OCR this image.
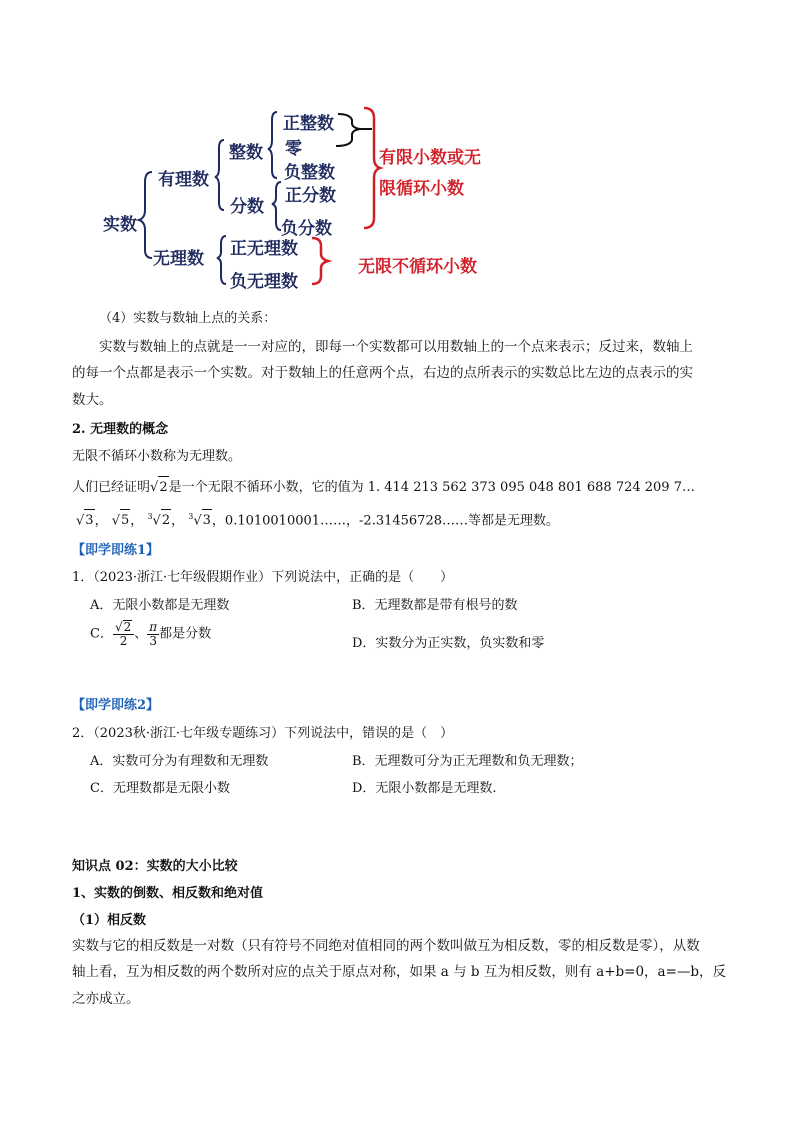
实数
有理数
整数
正整数
零
负整数
分数
正分数
负分数
无理数 正无理数
负无理数
有限小数或无
限循环小数
无限不循环小数
（4）实数与数轴上点的关系：
实数与数轴上的点就是一一对应的，即每一个实数都可以用数轴上的一个点来表示；反过来，数轴上
的每一个点都是表示一个实数。对于数轴上的任意两个点，右边的点所表示的实数总比左边的点表示的实
数大。
2. 无理数的概念
无限不循环小数称为无理数。
人们已经证明√2是一个无限不循环小数，它的值为 1. 414 213 562 373 095 048 801 688 724 209 7…
√3， √5， $^3$√2， $^3$√3，0.1010010001……，-2.31456728……等都是无理数。
【即学即练1】
1．（2023·浙江·七年级假期作业）下列说法中，正确的是（　　）
A．无限小数都是无理数	B．无理数都是带有根号的数
C． $\frac{√2}{2}$ 、 $\frac{\pi}{3}$ 都是分数
D．实数分为正实数，负实数和零
【即学即练2】
2．（2023秋·浙江·七年级专题练习）下列说法中，错误的是（　）
A．实数可分为有理数和无理数	B．无理数可分为正无理数和负无理数；
C．无理数都是无限小数	D．无限小数都是无理数.
知识点 02：实数的大小比较
1、实数的倒数、相反数和绝对值
（1）相反数
实数与它的相反数是一对数（只有符号不同绝对值相同的两个数叫做互为相反数，零的相反数是零），从数
轴上看，互为相反数的两个数所对应的点关于原点对称，如果 a 与 b 互为相反数，则有 a+b=0，a=—b，反
之亦成立。
